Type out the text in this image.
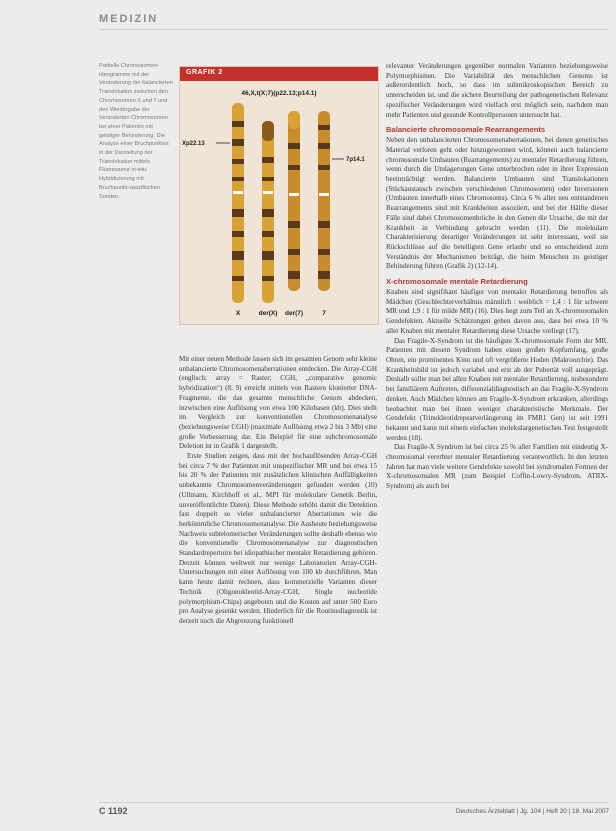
MEDIZIN
Partielle Chromosomen-Ideogramme mit der Veränderung der balancierten Translokation zwischen den Chromosomen X und 7 und den Wiedergabe der Veränderten Chromosomen bei einer Patientin mit geistiger Behinderung. Die Analyse einer Bruchpunktes in der Darstellung der Translokation mittels Fluoreszenz-in-situ-Hybridisierung mit Bruchpunkt-spezifischen Sonden.
GRAFIK 2
46,X,t(X;7)(p22.13;p14.1)
Xp22.13
7p14.1
X	der(X) der(7)	7

Mit einer neuen Methode lassen sich im gesamten Genom sehr kleine unbalancierte Chromosomenaberrationen entdecken. Die Array-CGH (englisch: array = Raster; CGH, „comparative genomic hybridization“) (8, 9) erreicht mittels von Rastern klonierter DNA-Fragmente, die das gesamte menschliche Genom abdecken, inzwischen eine Auflösung von etwa 100 Kilobasen (kb). Dies stellt im Vergleich zur konventionellen Chromosomenanalyse (beziehungsweise CGH) (maximale Auflösung etwa 2 bis 3 Mb) eine große Verbesserung dar. Ein Beispiel für eine subchromosomale Deletion ist in Grafik 1 dargestellt.

Erste Studien zeigen, dass mit der hochauflösenden Array-CGH bei circa 7 % der Patienten mit unspezifischer MR und bei etwa 15 bis 20 % der Patienten mit zusätzlichen klinischen Auffälligkeiten unbekannte Chromosomenveränderungen gefunden werden (10) (Ullmann, Kirchhoff et al., MPI für molekulare Genetik Berlin, unveröffentlichte Daten). Diese Methode erhöht damit die Detektion fast doppelt so vieler unbalancierter Aberrationen wie die herkömmliche Chromosomenanalyse. Die Ausbeute beziehungsweise Nachweis subtelomerischer Veränderungen sollte deshalb ebenso wie die konventionelle Chromosomenanalyse zur diagnostischen Standardrepertoire bei idiopathischer mentaler Retardierung gehören. Derzeit können weltweit nur wenige Laboratorien Array-CGH-Untersuchungen mit einer Auflösung von 100 kb durchführen. Man kann heute damit rechnen, dass kommerzielle Varianten dieser Technik (Oligonukleotid-Array-CGH, Single nucleotide polymorphism-Chips) angeboten und die Kosten auf unter 500 Euro pro Analyse gesenkt werden. Hinderlich für die Routinediagnostik ist derzeit noch die Abgrenzung funktionell

relevanter Veränderungen gegenüber normalen Varianten beziehungsweise Polymorphismen. Die Variabilität des menschlichen Genoms ist außerordentlich hoch, so dass im submikroskopischen Bereich zu unterscheiden ist, und die sichere Beurteilung der pathogenetischen Relevanz spezifischer Veränderungen wird vielfach erst möglich sein, nachdem man mehr Patienten und gesunde Kontrollpersonen untersucht hat.

Balancierte chromosomale Rearrangements

Neben den unbalancierten Chromosomenaberrationen, bei denen genetisches Material verloren geht oder hinzugewonnen wird, können auch balancierte chromosomale Umbauten (Rearrangements) zu mentaler Retardierung führen, wenn durch die Umlagerungen Gene unterbrochen oder in ihrer Expression beeinträchtigt werden. Balancierte Umbauten sind Translokationen (Stückaustausch zwischen verschiedenen Chromosomen) oder Inversionen (Umbauten innerhalb eines Chromosoms). Circa 6 % aller neu entstandenen Rearrangements sind mit Krankheiten assoziiert, und bei der Hälfte dieser Fälle sind dabei Chromosomenbrüche in den Genen die Ursache, die mit der Krankheit in Verbindung gebracht werden (11). Die molekulare Charakterisierung derartiger Veränderungen ist sehr interessant, weil sie Rückschlüsse auf die beteiligten Gene erlaubt und so entscheidend zum Verständnis der Mechanismen beiträgt, die beim Menschen zu geistiger Behinderung führen (Grafik 2) (12-14).

X-chromosomale mentale Retardierung

Knaben sind signifikant häufiger von mentaler Retardierung betroffen als Mädchen (Geschlechterverhältnis männlich : weiblich = 1,4 : 1 für schwere MR und 1,9 : 1 für milde MR) (16). Dies liegt zum Teil an X-chromosomalen Gendefekten. Aktuelle Schätzungen gehen davon aus, dass bei etwa 10 % aller Knaben mit mentaler Retardierung diese Ursache vorliegt (17).

Das Fragile-X-Syndrom ist die häufigste X-chromosomale Form der MR. Patienten mit diesem Syndrom haben einen großen Kopfumfang, große Ohren, ein prominentes Kinn und oft vergrößerte Hoden (Makroorchie). Das Krankheitsbild ist jedoch variabel und erst ab der Pubertät voll ausgeprägt. Deshalb sollte man bei allen Knaben mit mentaler Retardierung, insbesondere bei familiärem Auftreten, differenzialdiagnostisch an das Fragile-X-Syndrom denken. Auch Mädchen können am Fragile-X-Syndrom erkranken, allerdings beobachtet man bei ihnen weniger charakteristische Merkmale. Der Gendefekt (Trinukleotidrepeatverlängerung im FMR1 Gen) ist seit 1991 bekannt und kann mit einem einfachen molekulargenetischen Test festgestellt werden (18).

Das Fragile-X Syndrom ist bei circa 25 % aller Familien mit eindeutig X-chromosomal vererbter mentaler Retardierung verantwortlich. In den letzten Jahren hat man viele weitere Gendefekte sowohl bei syndromalen Formen der X-chromosomalen MR (zum Beispiel Coffin-Lowry-Syndrom, ATRX-Syndrom) als auch bei

C 1192	Deutsches Ärzteblatt | Jg. 104 | Heft 20 | 18. Mai 2007
